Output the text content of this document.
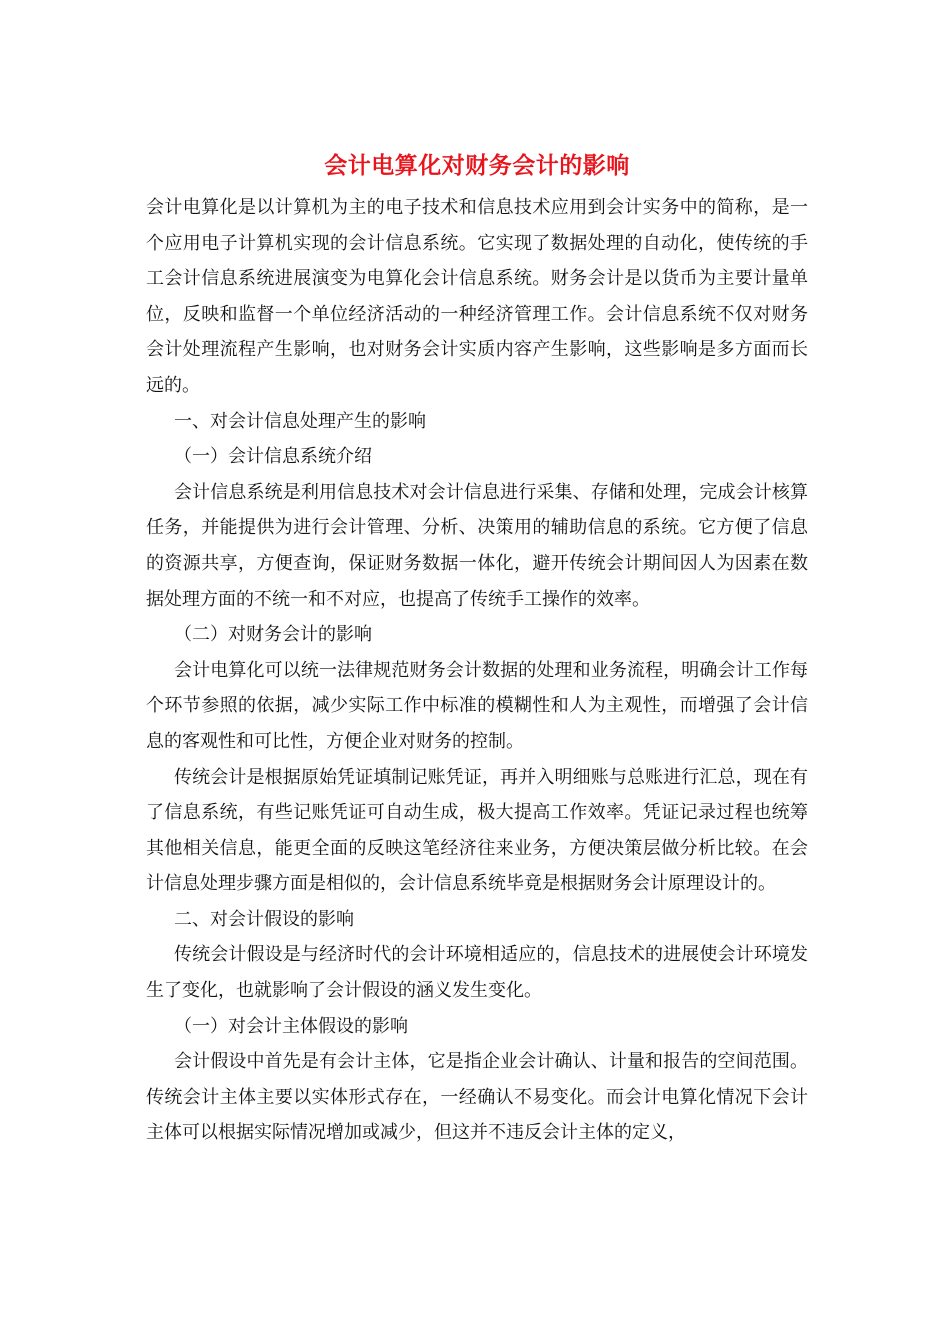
会计电算化对财务会计的影响

会计电算化是以计算机为主的电子技术和信息技术应用到会计实务中的简称，是一个应用电子计算机实现的会计信息系统。它实现了数据处理的自动化，使传统的手工会计信息系统进展演变为电算化会计信息系统。财务会计是以货币为主要计量单位，反映和监督一个单位经济活动的一种经济管理工作。会计信息系统不仅对财务会计处理流程产生影响，也对财务会计实质内容产生影响，这些影响是多方面而长远的。

一、对会计信息处理产生的影响

（一）会计信息系统介绍

会计信息系统是利用信息技术对会计信息进行采集、存储和处理，完成会计核算任务，并能提供为进行会计管理、分析、决策用的辅助信息的系统。它方便了信息的资源共享，方便查询，保证财务数据一体化，避开传统会计期间因人为因素在数据处理方面的不统一和不对应，也提高了传统手工操作的效率。

（二）对财务会计的影响

会计电算化可以统一法律规范财务会计数据的处理和业务流程，明确会计工作每个环节参照的依据，减少实际工作中标准的模糊性和人为主观性，而增强了会计信息的客观性和可比性，方便企业对财务的控制。

传统会计是根据原始凭证填制记账凭证，再并入明细账与总账进行汇总，现在有了信息系统，有些记账凭证可自动生成，极大提高工作效率。凭证记录过程也统筹其他相关信息，能更全面的反映这笔经济往来业务，方便决策层做分析比较。在会计信息处理步骤方面是相似的，会计信息系统毕竟是根据财务会计原理设计的。

二、对会计假设的影响

传统会计假设是与经济时代的会计环境相适应的，信息技术的进展使会计环境发生了变化，也就影响了会计假设的涵义发生变化。

（一）对会计主体假设的影响

会计假设中首先是有会计主体，它是指企业会计确认、计量和报告的空间范围。传统会计主体主要以实体形式存在，一经确认不易变化。而会计电算化情况下会计主体可以根据实际情况增加或减少，但这并不违反会计主体的定义，
